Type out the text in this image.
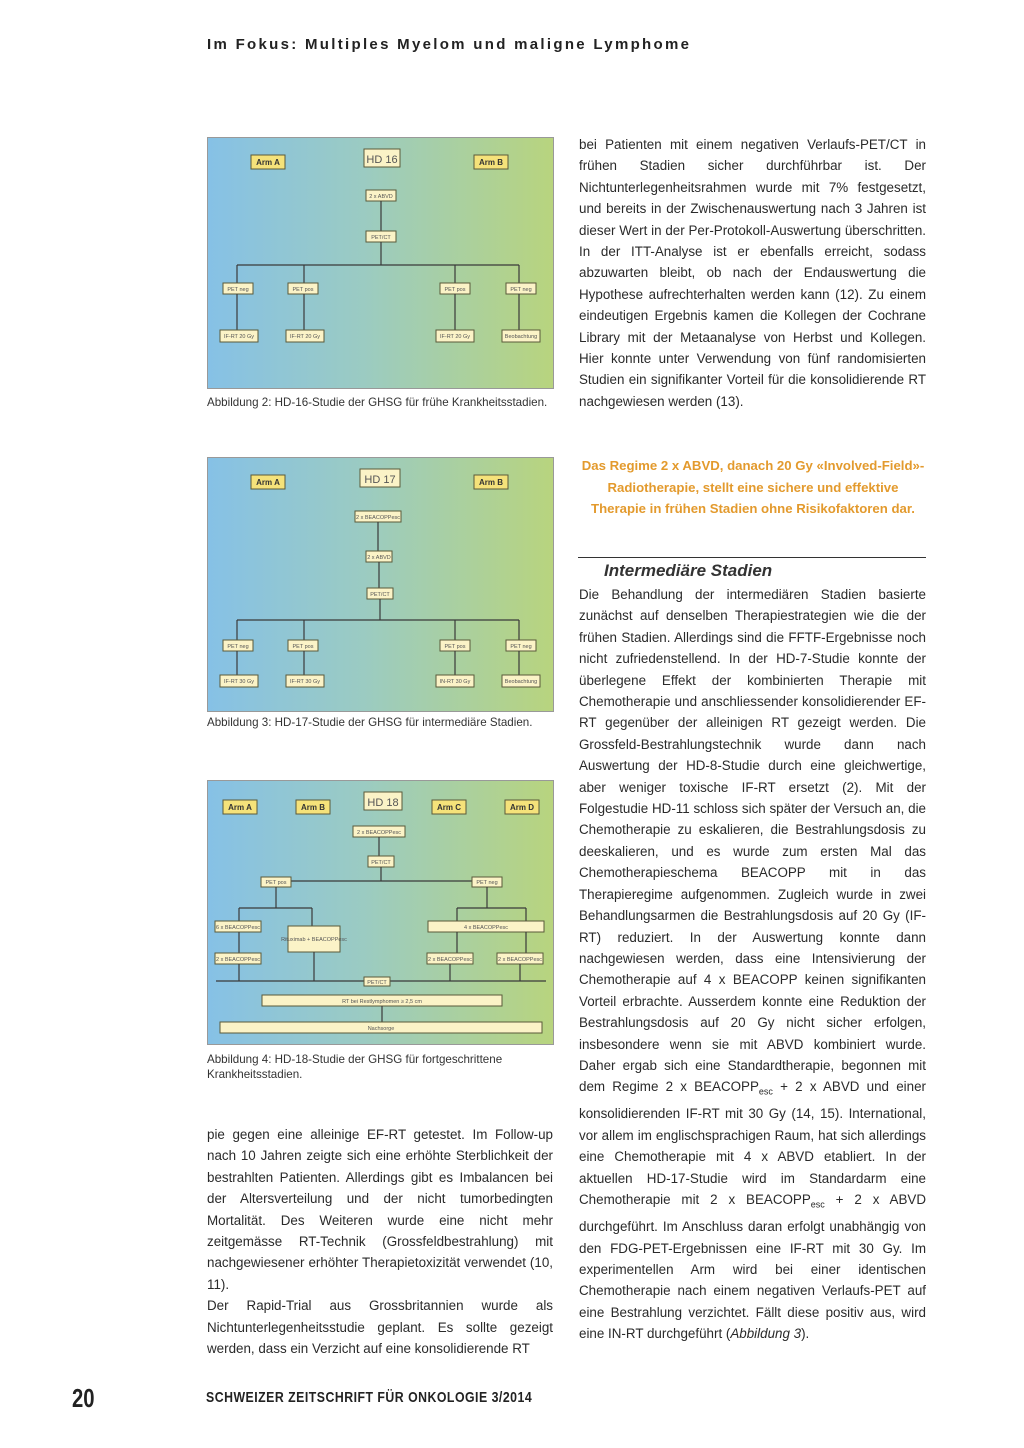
Im Fokus: Multiples Myelom und maligne Lymphome
Arm A	HD 16	Arm B
2 x ABVD
PET/CT
PET neg	PET pos	PET pos	PET neg
IF-RT 20 Gy	IF-RT 20 Gy	IF-RT 20 Gy	Beobachtung
Abbildung 2: HD-16-Studie der GHSG für frühe Krankheitsstadien.
Arm A	HD 17	Arm B
2 x BEACOPPesc
2 x ABVD
PET/CT
PET neg	PET pos	PET pos	PET neg
IF-RT 30 Gy	IF-RT 30 Gy	IN-RT 30 Gy	Beobachtung
Abbildung 3: HD-17-Studie der GHSG für intermediäre Stadien.
Arm A	Arm B	HD 18	Arm C	Arm D
2 x BEACOPPesc
PET/CT
PET pos	PET neg
6 x BEACOPPesc
Rituximab + BEACOPPesc
4 x BEACOPPesc
2 x BEACOPPesc	2 x BEACOPPesc	2 x BEACOPPesc
PET/CT
RT bei Restlymphomen ≥ 2,5 cm
Nachsorge
Abbildung 4: HD-18-Studie der GHSG für fortgeschrittene Krankheitsstadien.

pie gegen eine alleinige EF-RT getestet. Im Follow-up nach 10 Jahren zeigte sich eine erhöhte Sterblichkeit der bestrahlten Patienten. Allerdings gibt es Imbalancen bei der Altersverteilung und der nicht tumorbedingten Mortalität. Des Weiteren wurde eine nicht mehr zeitgemässe RT-Technik (Grossfeldbestrahlung) mit nachgewiesener erhöhter Therapietoxizität verwendet (10, 11).

Der Rapid-Trial aus Grossbritannien wurde als Nichtunterlegenheitsstudie geplant. Es sollte gezeigt werden, dass ein Verzicht auf eine konsolidierende RT

bei Patienten mit einem negativen Verlaufs-PET/CT in frühen Stadien sicher durchführbar ist. Der Nichtunterlegenheitsrahmen wurde mit 7% festgesetzt, und bereits in der Zwischenauswertung nach 3 Jahren ist dieser Wert in der Per-Protokoll-Auswertung überschritten. In der ITT-Analyse ist er ebenfalls erreicht, sodass abzuwarten bleibt, ob nach der Endauswertung die Hypothese aufrechterhalten werden kann (12). Zu einem eindeutigen Ergebnis kamen die Kollegen der Cochrane Library mit der Metaanalyse von Herbst und Kollegen. Hier konnte unter Verwendung von fünf randomisierten Studien ein signifikanter Vorteil für die konsolidierende RT nachgewiesen werden (13).

Das Regime 2 x ABVD, danach 20 Gy «Involved-Field»-Radiotherapie, stellt eine sichere und effektive Therapie in frühen Stadien ohne Risikofaktoren dar.
Intermediäre Stadien

Die Behandlung der intermediären Stadien basierte zunächst auf denselben Therapiestrategien wie die der frühen Stadien. Allerdings sind die FFTF-Ergebnisse noch nicht zufriedenstellend. In der HD-7-Studie konnte der überlegene Effekt der kombinierten Therapie mit Chemotherapie und anschliessender konsolidierender EF-RT gegenüber der alleinigen RT gezeigt werden. Die Grossfeld-Bestrahlungstechnik wurde dann nach Auswertung der HD-8-Studie durch eine gleichwertige, aber weniger toxische IF-RT ersetzt (2). Mit der Folgestudie HD-11 schloss sich später der Versuch an, die Chemotherapie zu eskalieren, die Bestrahlungsdosis zu deeskalieren, und es wurde zum ersten Mal das Chemotherapieschema BEACOPP mit in das Therapieregime aufgenommen. Zugleich wurde in zwei Behandlungsarmen die Bestrahlungsdosis auf 20 Gy (IF-RT) reduziert. In der Auswertung konnte dann nachgewiesen werden, dass eine Intensivierung der Chemotherapie auf 4 x BEACOPP keinen signifikanten Vorteil erbrachte. Ausserdem konnte eine Reduktion der Bestrahlungsdosis auf 20 Gy nicht sicher erfolgen, insbesondere wenn sie mit ABVD kombiniert wurde. Daher ergab sich eine Standardtherapie, begonnen mit dem Regime 2 x $BEACOPP_{esc} + 2$ x ABVD und einer konsolidierenden IF-RT mit 30 Gy (14, 15). International, vor allem im englischsprachigen Raum, hat sich allerdings eine Chemotherapie mit 4 x ABVD etabliert. In der aktuellen HD-17-Studie wird im Standardarm eine Chemotherapie mit 2 x $BEACOPP_{esc} + 2$ x ABVD durchgeführt. Im Anschluss daran erfolgt unabhängig von den FDG-PET-Ergebnissen eine IF-RT mit 30 Gy. Im experimentellen Arm wird bei einer identischen Chemotherapie nach einem negativen Verlaufs-PET auf eine Bestrahlung verzichtet. Fällt diese positiv aus, wird eine IN-RT durchgeführt (Abbildung 3).

20	SCHWEIZER ZEITSCHRIFT FÜR ONKOLOGIE 3/2014
